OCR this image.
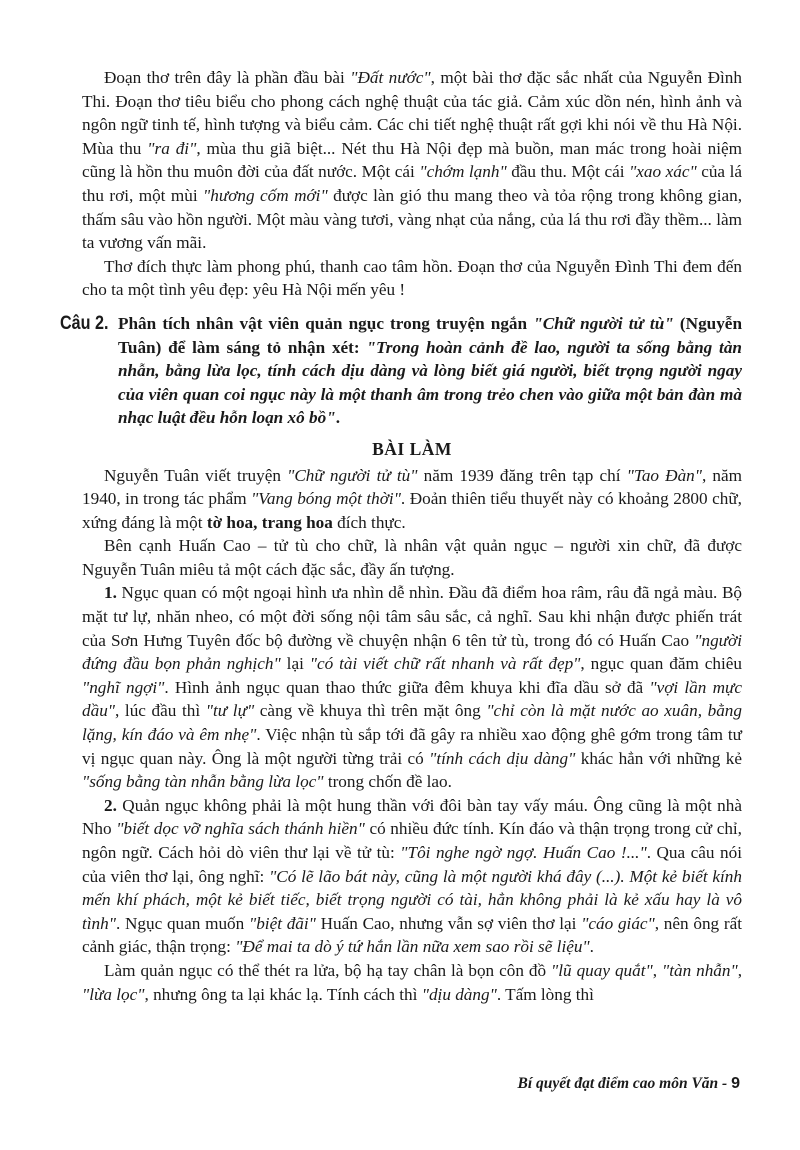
Đoạn thơ trên đây là phần đầu bài "Đất nước", một bài thơ đặc sắc nhất của Nguyễn Đình Thi. Đoạn thơ tiêu biểu cho phong cách nghệ thuật của tác giả. Cảm xúc dồn nén, hình ảnh và ngôn ngữ tinh tế, hình tượng và biểu cảm. Các chi tiết nghệ thuật rất gợi khi nói về thu Hà Nội. Mùa thu "ra đi", mùa thu giã biệt... Nét thu Hà Nội đẹp mà buồn, man mác trong hoài niệm cũng là hồn thu muôn đời của đất nước. Một cái "chớm lạnh" đầu thu. Một cái "xao xác" của lá thu rơi, một mùi "hương cốm mới" được làn gió thu mang theo và tỏa rộng trong không gian, thấm sâu vào hồn người. Một màu vàng tươi, vàng nhạt của nắng, của lá thu rơi đầy thềm... làm ta vương vấn mãi.

Thơ đích thực làm phong phú, thanh cao tâm hồn. Đoạn thơ của Nguyễn Đình Thi đem đến cho ta một tình yêu đẹp: yêu Hà Nội mến yêu !

Câu 2. Phân tích nhân vật viên quản ngục trong truyện ngắn "Chữ người tử tù" (Nguyễn Tuân) để làm sáng tỏ nhận xét: "Trong hoàn cảnh đề lao, người ta sống bằng tàn nhẫn, bằng lừa lọc, tính cách dịu dàng và lòng biết giá người, biết trọng người ngay của viên quan coi ngục này là một thanh âm trong trẻo chen vào giữa một bản đàn mà nhạc luật đều hỗn loạn xô bồ".
BÀI LÀM

Nguyễn Tuân viết truyện "Chữ người tử tù" năm 1939 đăng trên tạp chí "Tao Đàn", năm 1940, in trong tác phẩm "Vang bóng một thời". Đoản thiên tiểu thuyết này có khoảng 2800 chữ, xứng đáng là một tờ hoa, trang hoa đích thực.

Bên cạnh Huấn Cao – tử tù cho chữ, là nhân vật quản ngục – người xin chữ, đã được Nguyễn Tuân miêu tả một cách đặc sắc, đầy ấn tượng.

1. Ngục quan có một ngoại hình ưa nhìn dễ nhìn. Đầu đã điểm hoa râm, râu đã ngả màu. Bộ mặt tư lự, nhăn nheo, có một đời sống nội tâm sâu sắc, cả nghĩ. Sau khi nhận được phiến trát của Sơn Hưng Tuyên đốc bộ đường về chuyện nhận 6 tên tử tù, trong đó có Huấn Cao "người đứng đầu bọn phản nghịch" lại "có tài viết chữ rất nhanh và rất đẹp", ngục quan đăm chiêu "nghĩ ngợi". Hình ảnh ngục quan thao thức giữa đêm khuya khi đĩa dầu sở đã "vợi lần mực dầu", lúc đầu thì "tư lự" càng về khuya thì trên mặt ông "chỉ còn là mặt nước ao xuân, bằng lặng, kín đáo và êm nhẹ". Việc nhận tù sắp tới đã gây ra nhiều xao động ghê gớm trong tâm tư vị ngục quan này. Ông là một người từng trải có "tính cách dịu dàng" khác hẳn với những kẻ "sống bằng tàn nhẫn bằng lừa lọc" trong chốn đề lao.

2. Quản ngục không phải là một hung thần với đôi bàn tay vấy máu. Ông cũng là một nhà Nho "biết dọc vỡ nghĩa sách thánh hiền" có nhiều đức tính. Kín đáo và thận trọng trong cử chỉ, ngôn ngữ. Cách hỏi dò viên thư lại về tử tù: "Tôi nghe ngờ ngợ. Huấn Cao !...". Qua câu nói của viên thơ lại, ông nghĩ: "Có lẽ lão bát này, cũng là một người khá đây (...). Một kẻ biết kính mến khí phách, một kẻ biết tiếc, biết trọng người có tài, hẳn không phải là kẻ xấu hay là vô tình". Ngục quan muốn "biệt đãi" Huấn Cao, nhưng vẫn sợ viên thơ lại "cáo giác", nên ông rất cảnh giác, thận trọng: "Để mai ta dò ý tứ hắn lần nữa xem sao rồi sẽ liệu".

Làm quản ngục có thể thét ra lửa, bộ hạ tay chân là bọn côn đồ "lũ quay quắt", "tàn nhẫn", "lừa lọc", nhưng ông ta lại khác lạ. Tính cách thì "dịu dàng". Tấm lòng thì

Bí quyết đạt điểm cao môn Văn - 9
